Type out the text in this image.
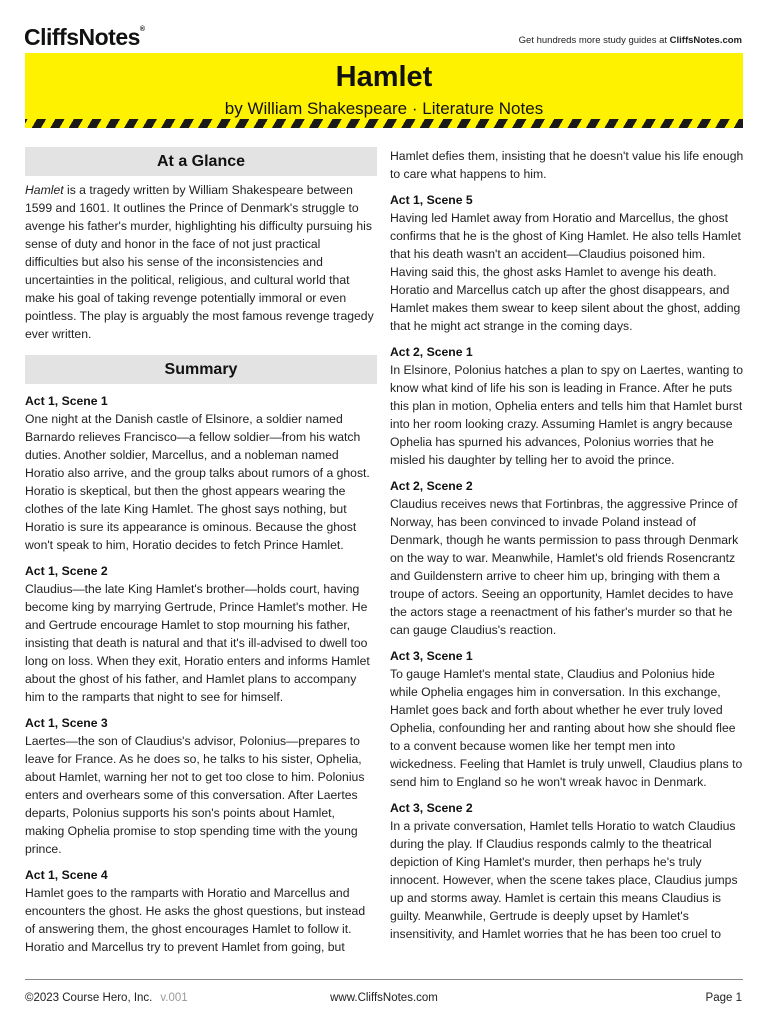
CliffsNotes®
Get hundreds more study guides at CliffsNotes.com
Hamlet
by William Shakespeare · Literature Notes
At a Glance

Hamlet is a tragedy written by William Shakespeare between 1599 and 1601. It outlines the Prince of Denmark's struggle to avenge his father's murder, highlighting his difficulty pursuing his sense of duty and honor in the face of not just practical difficulties but also his sense of the inconsistencies and uncertainties in the political, religious, and cultural world that make his goal of taking revenge potentially immoral or even pointless. The play is arguably the most famous revenge tragedy ever written.

Summary
Act 1, Scene 1

One night at the Danish castle of Elsinore, a soldier named Barnardo relieves Francisco—a fellow soldier—from his watch duties. Another soldier, Marcellus, and a nobleman named Horatio also arrive, and the group talks about rumors of a ghost. Horatio is skeptical, but then the ghost appears wearing the clothes of the late King Hamlet. The ghost says nothing, but Horatio is sure its appearance is ominous. Because the ghost won't speak to him, Horatio decides to fetch Prince Hamlet.

Act 1, Scene 2

Claudius—the late King Hamlet's brother—holds court, having become king by marrying Gertrude, Prince Hamlet's mother. He and Gertrude encourage Hamlet to stop mourning his father, insisting that death is natural and that it's ill-advised to dwell too long on loss. When they exit, Horatio enters and informs Hamlet about the ghost of his father, and Hamlet plans to accompany him to the ramparts that night to see for himself.

Act 1, Scene 3

Laertes—the son of Claudius's advisor, Polonius—prepares to leave for France. As he does so, he talks to his sister, Ophelia, about Hamlet, warning her not to get too close to him. Polonius enters and overhears some of this conversation. After Laertes departs, Polonius supports his son's points about Hamlet, making Ophelia promise to stop spending time with the young prince.

Act 1, Scene 4

Hamlet goes to the ramparts with Horatio and Marcellus and encounters the ghost. He asks the ghost questions, but instead of answering them, the ghost encourages Hamlet to follow it. Horatio and Marcellus try to prevent Hamlet from going, but

Hamlet defies them, insisting that he doesn't value his life enough to care what happens to him.

Act 1, Scene 5

Having led Hamlet away from Horatio and Marcellus, the ghost confirms that he is the ghost of King Hamlet. He also tells Hamlet that his death wasn't an accident—Claudius poisoned him. Having said this, the ghost asks Hamlet to avenge his death. Horatio and Marcellus catch up after the ghost disappears, and Hamlet makes them swear to keep silent about the ghost, adding that he might act strange in the coming days.

Act 2, Scene 1

In Elsinore, Polonius hatches a plan to spy on Laertes, wanting to know what kind of life his son is leading in France. After he puts this plan in motion, Ophelia enters and tells him that Hamlet burst into her room looking crazy. Assuming Hamlet is angry because Ophelia has spurned his advances, Polonius worries that he misled his daughter by telling her to avoid the prince.

Act 2, Scene 2

Claudius receives news that Fortinbras, the aggressive Prince of Norway, has been convinced to invade Poland instead of Denmark, though he wants permission to pass through Denmark on the way to war. Meanwhile, Hamlet's old friends Rosencrantz and Guildenstern arrive to cheer him up, bringing with them a troupe of actors. Seeing an opportunity, Hamlet decides to have the actors stage a reenactment of his father's murder so that he can gauge Claudius's reaction.

Act 3, Scene 1

To gauge Hamlet's mental state, Claudius and Polonius hide while Ophelia engages him in conversation. In this exchange, Hamlet goes back and forth about whether he ever truly loved Ophelia, confounding her and ranting about how she should flee to a convent because women like her tempt men into wickedness. Feeling that Hamlet is truly unwell, Claudius plans to send him to England so he won't wreak havoc in Denmark.

Act 3, Scene 2

In a private conversation, Hamlet tells Horatio to watch Claudius during the play. If Claudius responds calmly to the theatrical depiction of King Hamlet's murder, then perhaps he's truly innocent. However, when the scene takes place, Claudius jumps up and storms away. Hamlet is certain this means Claudius is guilty. Meanwhile, Gertrude is deeply upset by Hamlet's insensitivity, and Hamlet worries that he has been too cruel to

©2023 Course Hero, Inc. v.001	www.CliffsNotes.com	Page 1
